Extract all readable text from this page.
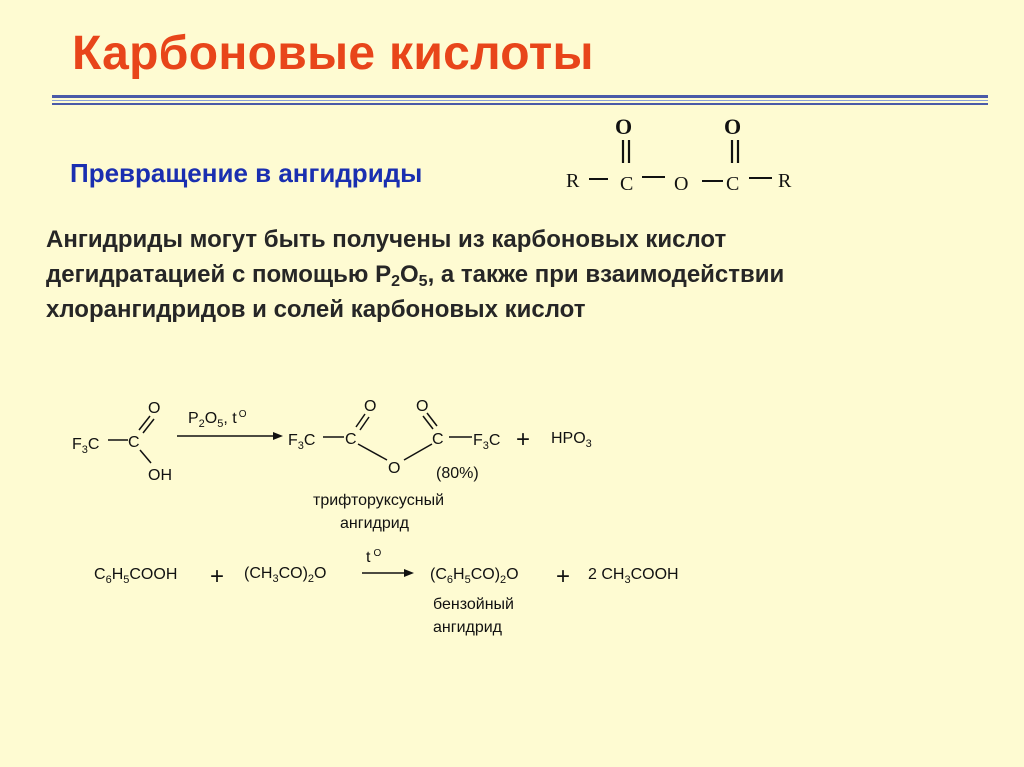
Карбоновые кислоты
Превращение в ангидриды
Ангидриды могут быть получены из карбоновых кислот
дегидратацией с помощью $P_2O_5$, а также при взаимодействии
хлорангидридов и солей карбоновых кислот
O	O
R C O C R
$F_3C$ C
O
OH
$P_2O_5$, t $^O$
$F_3C$ C
O
O
C
O
$F_3C + HPO_3$
(80%)
трифторуксусный
ангидрид
$C_6H_5COOH + (CH_3CO)_2O$
t $^O$
$(C_6H_5CO)_2O + 2$ $CH_3COOH$
бензойный
ангидрид
